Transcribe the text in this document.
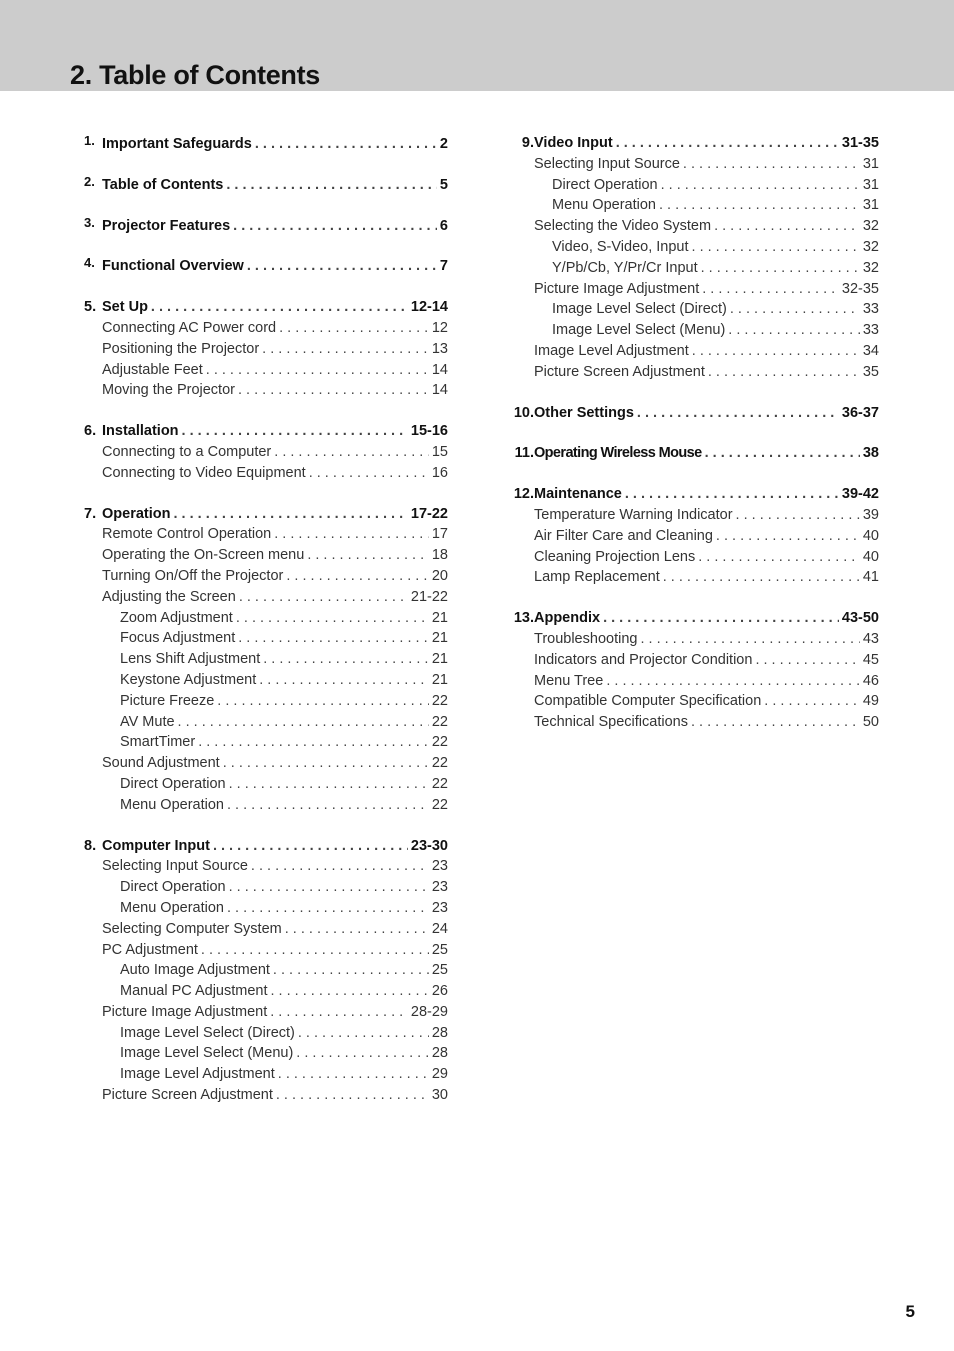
2. Table of Contents
1. Important Safeguards . . .	2
2. Table of Contents . . .	5
3. Projector Features . . .	6
4. Functional Overview . . .	7
5. Set Up . . .	12-14
Connecting AC Power cord . . .	12
Positioning the Projector . . .	13
Adjustable Feet . . .	14
Moving the Projector . . .	14
6. Installation . . .	15-16
Connecting to a Computer . . .	15
Connecting to Video Equipment . . .	16
7. Operation . . .	17-22
Remote Control Operation . . .	17
Operating the On-Screen menu . . .	18
Turning On/Off the Projector . . .	20
Adjusting the Screen . . .	21-22
Zoom Adjustment . . .	21
Focus Adjustment . . .	21
Lens Shift Adjustment . . .	21
Keystone Adjustment . . .	21
Picture Freeze . . .	22
AV Mute . . .	22
SmartTimer . . .	22
Sound Adjustment . . .	22
Direct Operation . . .	22
Menu Operation . . .	22
8. Computer Input . . .	23-30
Selecting Input Source . . .	23
Direct Operation . . .	23
Menu Operation . . .	23
Selecting Computer System . . .	24
PC Adjustment . . .	25
Auto Image Adjustment . . .	25
Manual PC Adjustment . . .	26
Picture Image Adjustment . . .	28-29
Image Level Select (Direct) . . .	28
Image Level Select (Menu) . . .	28
Image Level Adjustment . . .	29
Picture Screen Adjustment . . .	30
9. Video Input . . .	31-35
Selecting Input Source . . .	31
Direct Operation . . .	31
Menu Operation . . .	31
Selecting the Video System . . .	32
Video, S-Video, Input . . .	32
Y/Pb/Cb, Y/Pr/Cr Input . . .	32
Picture Image Adjustment . . .	32-35
Image Level Select (Direct) . . .	33
Image Level Select (Menu) . . .	33
Image Level Adjustment . . .	34
Picture Screen Adjustment . . .	35
10. Other Settings . . .	36-37
11. Operating Wireless Mouse . . .	38
12. Maintenance . . .	39-42
Temperature Warning Indicator . . .	39
Air Filter Care and Cleaning . . .	40
Cleaning Projection Lens . . .	40
Lamp Replacement . . .	41
13. Appendix . . .	43-50
Troubleshooting . . .	43
Indicators and Projector Condition . . .	45
Menu Tree . . .	46
Compatible Computer Specification . . .	49
Technical Specifications . . .	50
5
